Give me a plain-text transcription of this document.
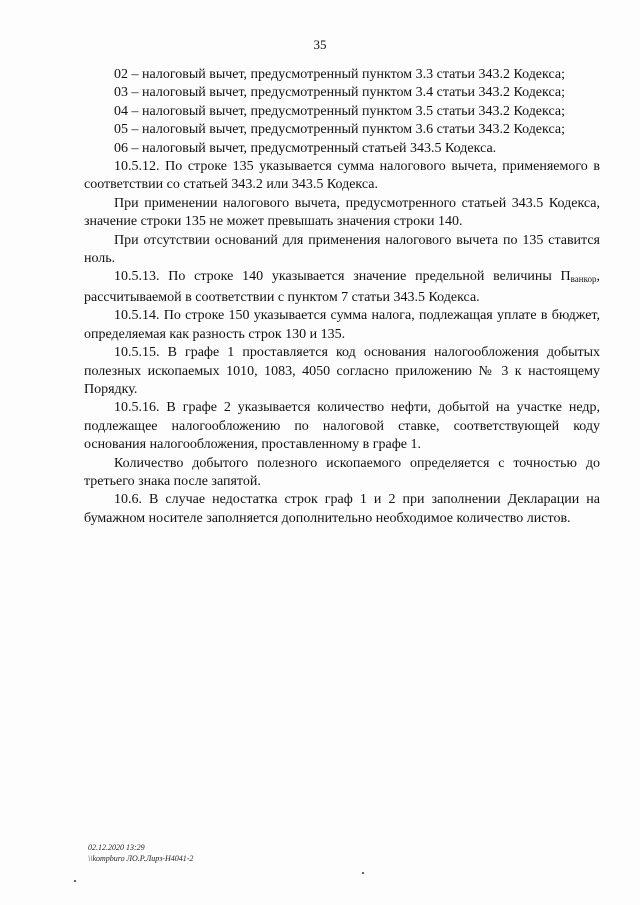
35

02 – налоговый вычет, предусмотренный пунктом 3.3 статьи 343.2 Кодекса;

03 – налоговый вычет, предусмотренный пунктом 3.4 статьи 343.2 Кодекса;

04 – налоговый вычет, предусмотренный пунктом 3.5 статьи 343.2 Кодекса;

05 – налоговый вычет, предусмотренный пунктом 3.6 статьи 343.2 Кодекса;

06 – налоговый вычет, предусмотренный статьей 343.5 Кодекса.

10.5.12. По строке 135 указывается сумма налогового вычета, применяемого в соответствии со статьей 343.2 или 343.5 Кодекса.

При применении налогового вычета, предусмотренного статьей 343.5 Кодекса, значение строки 135 не может превышать значения строки 140.

При отсутствии оснований для применения налогового вычета по 135 ставится ноль.

10.5.13. По строке 140 указывается значение предельной величины $П_{ванкор}$, рассчитываемой в соответствии с пунктом 7 статьи 343.5 Кодекса.

10.5.14. По строке 150 указывается сумма налога, подлежащая уплате в бюджет, определяемая как разность строк 130 и 135.

10.5.15. В графе 1 проставляется код основания налогообложения добытых полезных ископаемых 1010, 1083, 4050 согласно приложению № 3 к настоящему Порядку.

10.5.16. В графе 2 указывается количество нефти, добытой на участке недр, подлежащее налогообложению по налоговой ставке, соответствующей коду основания налогообложения, проставленному в графе 1.

Количество добытого полезного ископаемого определяется с точностью до третьего знака после запятой.

10.6. В случае недостатка строк граф 1 и 2 при заполнении Декларации на бумажном носителе заполняется дополнительно необходимое количество листов.

02.12.2020 13:29
\\kompburo ЛО.Р.Лирз-Н4041-2
